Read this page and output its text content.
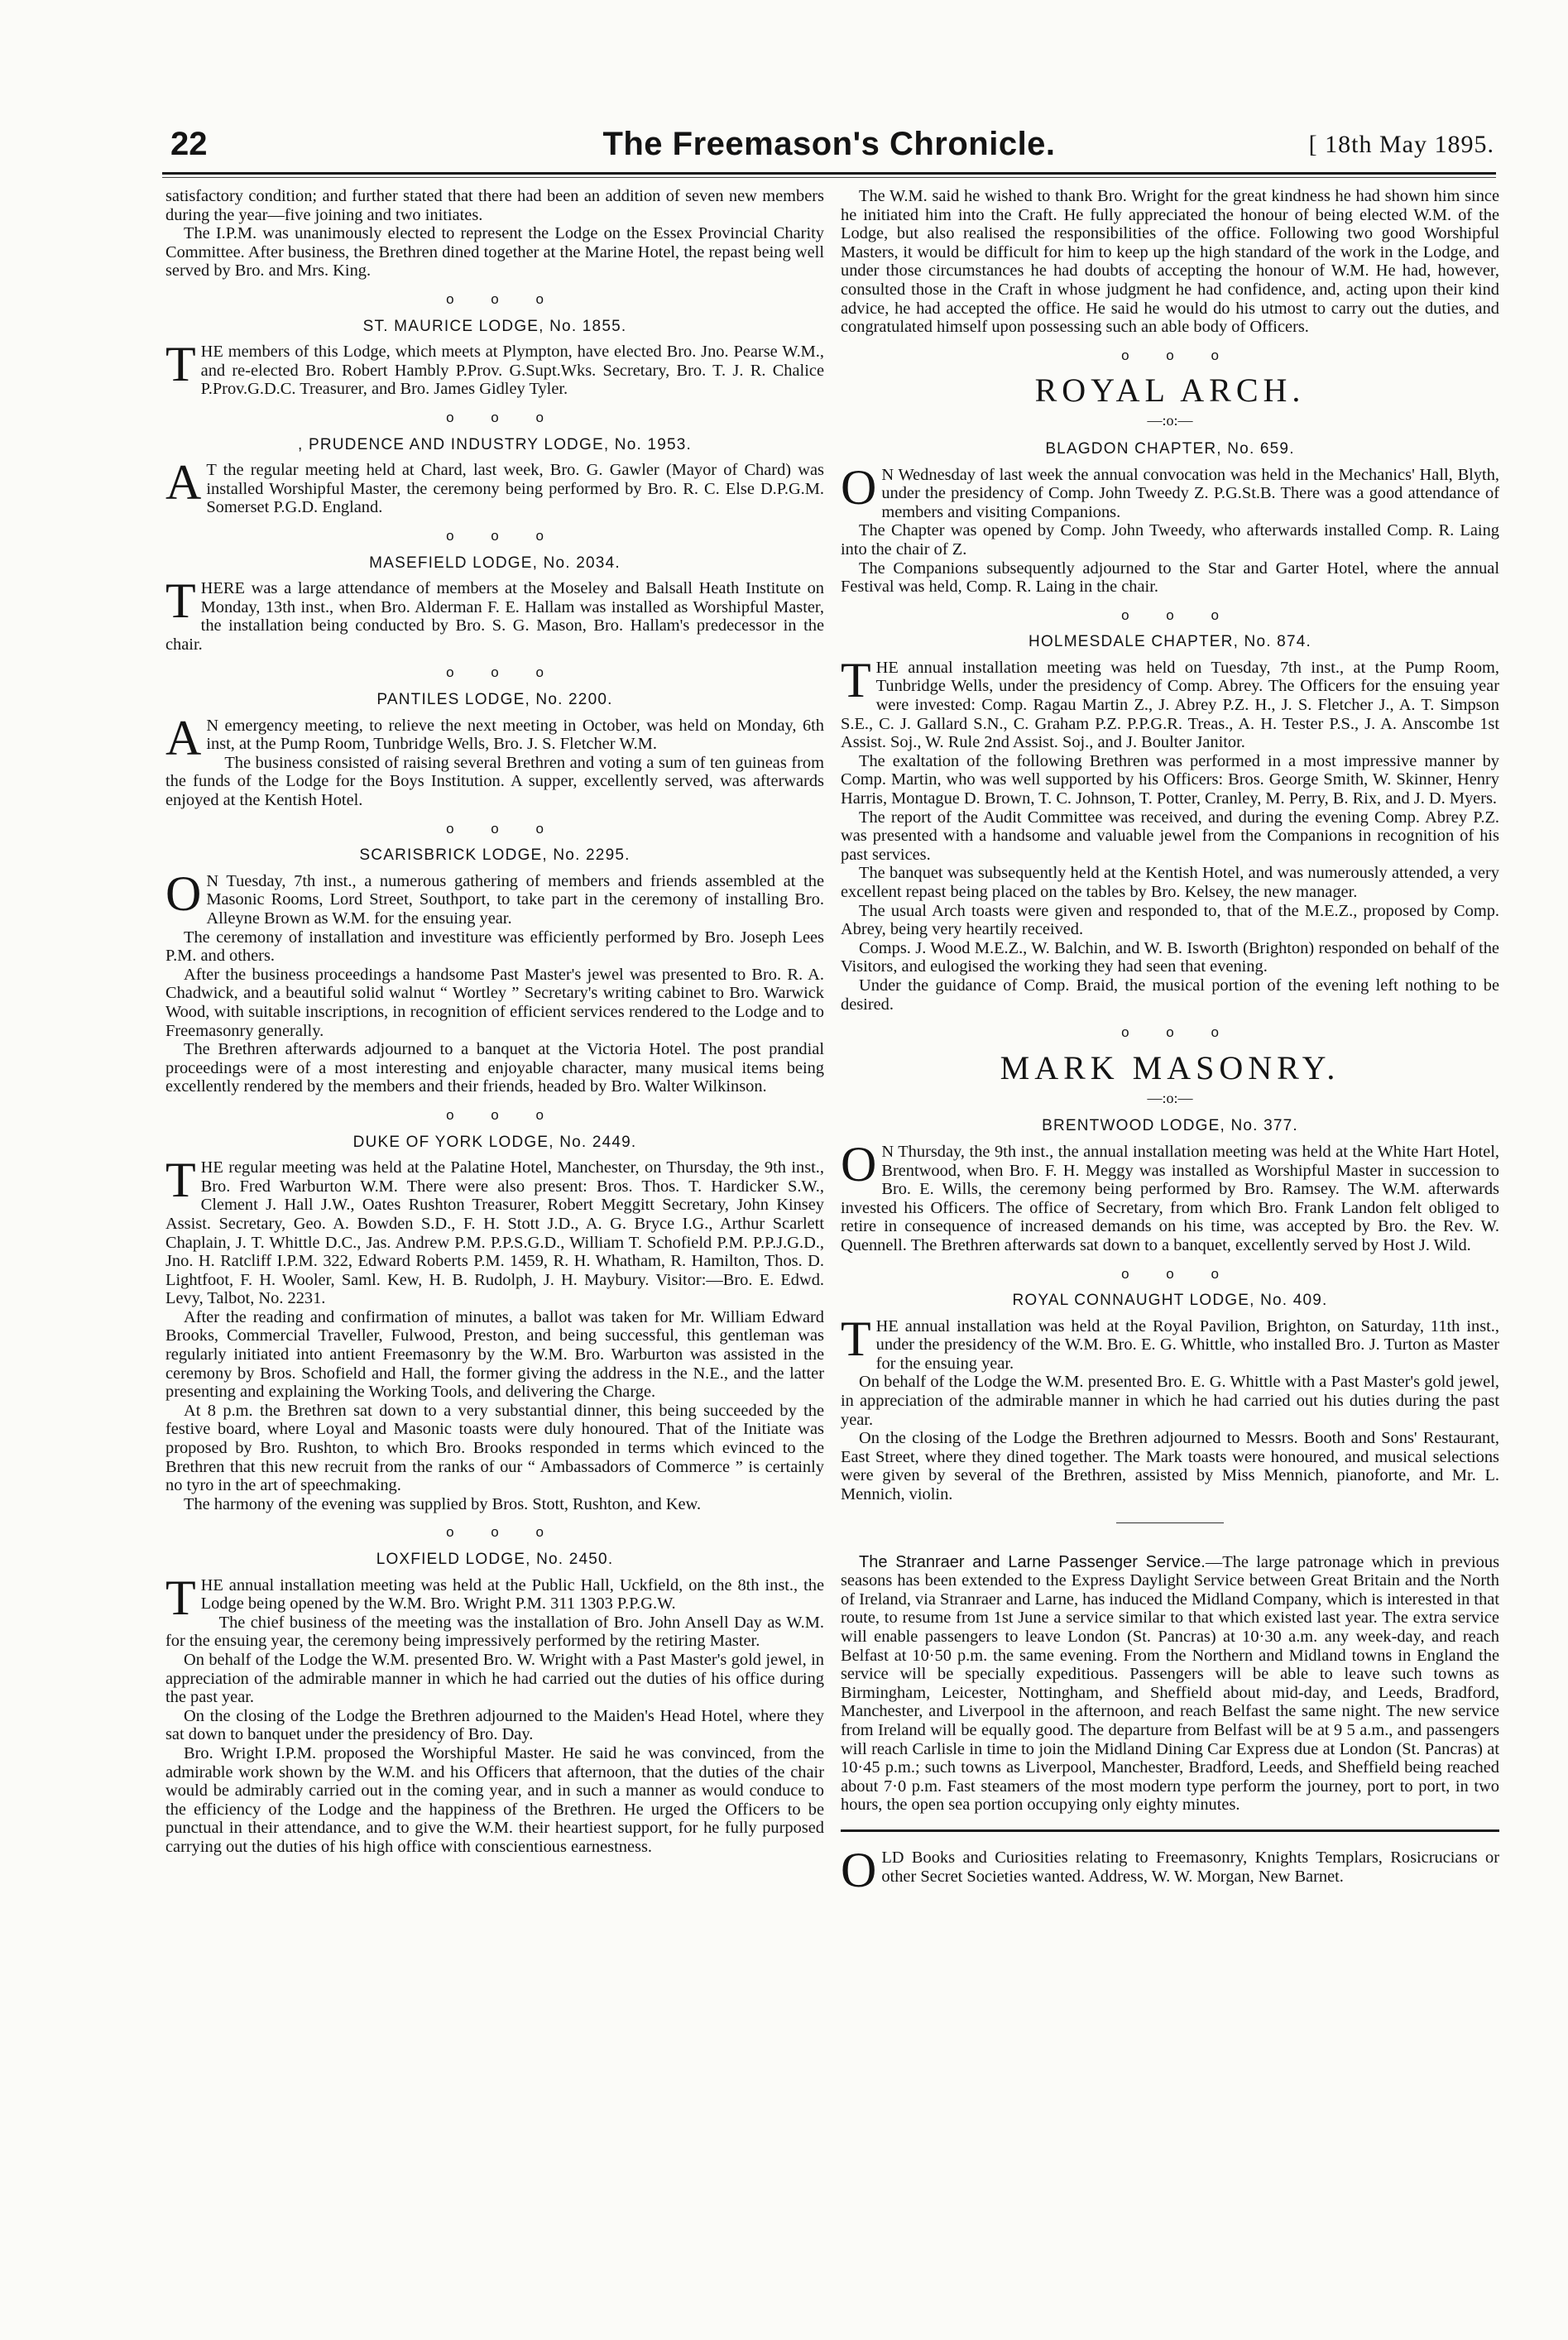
22	The Freemason's Chronicle.	[ 18th May 1895.

satisfactory condition; and further stated that there had been an addition of seven new members during the year—five joining and two initiates.

The I.P.M. was unanimously elected to represent the Lodge on the Essex Provincial Charity Committee. After business, the Brethren dined together at the Marine Hotel, the repast being well served by Bro. and Mrs. King.

o o o
ST. MAURICE LODGE, No. 1855.

THE members of this Lodge, which meets at Plympton, have elected Bro. Jno. Pearse W.M., and re-elected Bro. Robert Hambly P.Prov. G.Supt.Wks. Secretary, Bro. T. J. R. Chalice P.Prov.G.D.C. Treasurer, and Bro. James Gidley Tyler.

o o o
, PRUDENCE AND INDUSTRY LODGE, No. 1953.

AT the regular meeting held at Chard, last week, Bro. G. Gawler (Mayor of Chard) was installed Worshipful Master, the ceremony being performed by Bro. R. C. Else D.P.G.M. Somerset P.G.D. England.

o o o
MASEFIELD LODGE, No. 2034.

THERE was a large attendance of members at the Moseley and Balsall Heath Institute on Monday, 13th inst., when Bro. Alderman F. E. Hallam was installed as Worshipful Master, the installation being conducted by Bro. S. G. Mason, Bro. Hallam's predecessor in the chair.

o o o
PANTILES LODGE, No. 2200.

AN emergency meeting, to relieve the next meeting in October, was held on Monday, 6th inst, at the Pump Room, Tunbridge Wells, Bro. J. S. Fletcher W.M.

The business consisted of raising several Brethren and voting a sum of ten guineas from the funds of the Lodge for the Boys Institution. A supper, excellently served, was afterwards enjoyed at the Kentish Hotel.

o o o
SCARISBRICK LODGE, No. 2295.

ON Tuesday, 7th inst., a numerous gathering of members and friends assembled at the Masonic Rooms, Lord Street, Southport, to take part in the ceremony of installing Bro. Alleyne Brown as W.M. for the ensuing year.

The ceremony of installation and investiture was efficiently performed by Bro. Joseph Lees P.M. and others.

After the business proceedings a handsome Past Master's jewel was presented to Bro. R. A. Chadwick, and a beautiful solid walnut “ Wortley ” Secretary's writing cabinet to Bro. Warwick Wood, with suitable inscriptions, in recognition of efficient services rendered to the Lodge and to Freemasonry generally.

The Brethren afterwards adjourned to a banquet at the Victoria Hotel. The post prandial proceedings were of a most interesting and enjoyable character, many musical items being excellently rendered by the members and their friends, headed by Bro. Walter Wilkinson.

o o o
DUKE OF YORK LODGE, No. 2449.

THE regular meeting was held at the Palatine Hotel, Manchester, on Thursday, the 9th inst., Bro. Fred Warburton W.M. There were also present: Bros. Thos. T. Hardicker S.W., Clement J. Hall J.W., Oates Rushton Treasurer, Robert Meggitt Secretary, John Kinsey Assist. Secretary, Geo. A. Bowden S.D., F. H. Stott J.D., A. G. Bryce I.G., Arthur Scarlett Chaplain, J. T. Whittle D.C., Jas. Andrew P.M. P.P.S.G.D., William T. Schofield P.M. P.P.J.G.D., Jno. H. Ratcliff I.P.M. 322, Edward Roberts P.M. 1459, R. H. Whatham, R. Hamilton, Thos. D. Lightfoot, F. H. Wooler, Saml. Kew, H. B. Rudolph, J. H. Maybury. Visitor:—Bro. E. Edwd. Levy, Talbot, No. 2231.

After the reading and confirmation of minutes, a ballot was taken for Mr. William Edward Brooks, Commercial Traveller, Fulwood, Preston, and being successful, this gentleman was regularly initiated into antient Freemasonry by the W.M. Bro. Warburton was assisted in the ceremony by Bros. Schofield and Hall, the former giving the address in the N.E., and the latter presenting and explaining the Working Tools, and delivering the Charge.

At 8 p.m. the Brethren sat down to a very substantial dinner, this being succeeded by the festive board, where Loyal and Masonic toasts were duly honoured. That of the Initiate was proposed by Bro. Rushton, to which Bro. Brooks responded in terms which evinced to the Brethren that this new recruit from the ranks of our “ Ambassadors of Commerce ” is certainly no tyro in the art of speechmaking.

The harmony of the evening was supplied by Bros. Stott, Rushton, and Kew.

o o o
LOXFIELD LODGE, No. 2450.

THE annual installation meeting was held at the Public Hall, Uckfield, on the 8th inst., the Lodge being opened by the W.M. Bro. Wright P.M. 311 1303 P.P.G.W.

The chief business of the meeting was the installation of Bro. John Ansell Day as W.M. for the ensuing year, the ceremony being impressively performed by the retiring Master.

On behalf of the Lodge the W.M. presented Bro. W. Wright with a Past Master's gold jewel, in appreciation of the admirable manner in which he had carried out the duties of his office during the past year.

On the closing of the Lodge the Brethren adjourned to the Maiden's Head Hotel, where they sat down to banquet under the presidency of Bro. Day.

Bro. Wright I.P.M. proposed the Worshipful Master. He said he was convinced, from the admirable work shown by the W.M. and his Officers that afternoon, that the duties of the chair would be admirably carried out in the coming year, and in such a manner as would conduce to the efficiency of the Lodge and the happiness of the Brethren. He urged the Officers to be punctual in their attendance, and to give the W.M. their heartiest support, for he fully purposed carrying out the duties of his high office with conscientious earnestness.

The W.M. said he wished to thank Bro. Wright for the great kindness he had shown him since he initiated him into the Craft. He fully appreciated the honour of being elected W.M. of the Lodge, but also realised the responsibilities of the office. Following two good Worshipful Masters, it would be difficult for him to keep up the high standard of the work in the Lodge, and under those circumstances he had doubts of accepting the honour of W.M. He had, however, consulted those in the Craft in whose judgment he had confidence, and, acting upon their kind advice, he had accepted the office. He said he would do his utmost to carry out the duties, and congratulated himself upon possessing such an able body of Officers.

o o o
ROYAL ARCH.
—:o:—
BLAGDON CHAPTER, No. 659.

ON Wednesday of last week the annual convocation was held in the Mechanics' Hall, Blyth, under the presidency of Comp. John Tweedy Z. P.G.St.B. There was a good attendance of members and visiting Companions.

The Chapter was opened by Comp. John Tweedy, who afterwards installed Comp. R. Laing into the chair of Z.

The Companions subsequently adjourned to the Star and Garter Hotel, where the annual Festival was held, Comp. R. Laing in the chair.

o o o
HOLMESDALE CHAPTER, No. 874.

THE annual installation meeting was held on Tuesday, 7th inst., at the Pump Room, Tunbridge Wells, under the presidency of Comp. Abrey. The Officers for the ensuing year were invested: Comp. Ragau Martin Z., J. Abrey P.Z. H., J. S. Fletcher J., A. T. Simpson S.E., C. J. Gallard S.N., C. Graham P.Z. P.P.G.R. Treas., A. H. Tester P.S., J. A. Anscombe 1st Assist. Soj., W. Rule 2nd Assist. Soj., and J. Boulter Janitor.

The exaltation of the following Brethren was performed in a most impressive manner by Comp. Martin, who was well supported by his Officers: Bros. George Smith, W. Skinner, Henry Harris, Montague D. Brown, T. C. Johnson, T. Potter, Cranley, M. Perry, B. Rix, and J. D. Myers.

The report of the Audit Committee was received, and during the evening Comp. Abrey P.Z. was presented with a handsome and valuable jewel from the Companions in recognition of his past services.

The banquet was subsequently held at the Kentish Hotel, and was numerously attended, a very excellent repast being placed on the tables by Bro. Kelsey, the new manager.

The usual Arch toasts were given and responded to, that of the M.E.Z., proposed by Comp. Abrey, being very heartily received.

Comps. J. Wood M.E.Z., W. Balchin, and W. B. Isworth (Brighton) responded on behalf of the Visitors, and eulogised the working they had seen that evening.

Under the guidance of Comp. Braid, the musical portion of the evening left nothing to be desired.

o o o
MARK MASONRY.
—:o:—
BRENTWOOD LODGE, No. 377.

ON Thursday, the 9th inst., the annual installation meeting was held at the White Hart Hotel, Brentwood, when Bro. F. H. Meggy was installed as Worshipful Master in succession to Bro. E. Wills, the ceremony being performed by Bro. Ramsey. The W.M. afterwards invested his Officers. The office of Secretary, from which Bro. Frank Landon felt obliged to retire in consequence of increased demands on his time, was accepted by Bro. the Rev. W. Quennell. The Brethren afterwards sat down to a banquet, excellently served by Host J. Wild.

o o o
ROYAL CONNAUGHT LODGE, No. 409.

THE annual installation was held at the Royal Pavilion, Brighton, on Saturday, 11th inst., under the presidency of the W.M. Bro. E. G. Whittle, who installed Bro. J. Turton as Master for the ensuing year.

On behalf of the Lodge the W.M. presented Bro. E. G. Whittle with a Past Master's gold jewel, in appreciation of the admirable manner in which he had carried out his duties during the past year.

On the closing of the Lodge the Brethren adjourned to Messrs. Booth and Sons' Restaurant, East Street, where they dined together. The Mark toasts were honoured, and musical selections were given by several of the Brethren, assisted by Miss Mennich, pianoforte, and Mr. L. Mennich, violin.

The Stranraer and Larne Passenger Service.—The large patronage which in previous seasons has been extended to the Express Daylight Service between Great Britain and the North of Ireland, via Stranraer and Larne, has induced the Midland Company, which is interested in that route, to resume from 1st June a service similar to that which existed last year. The extra service will enable passengers to leave London (St. Pancras) at 10·30 a.m. any week-day, and reach Belfast at 10·50 p.m. the same evening. From the Northern and Midland towns in England the service will be specially expeditious. Passengers will be able to leave such towns as Birmingham, Leicester, Nottingham, and Sheffield about mid-day, and Leeds, Bradford, Manchester, and Liverpool in the afternoon, and reach Belfast the same night. The new service from Ireland will be equally good. The departure from Belfast will be at 9 5 a.m., and passengers will reach Carlisle in time to join the Midland Dining Car Express due at London (St. Pancras) at 10·45 p.m.; such towns as Liverpool, Manchester, Bradford, Leeds, and Sheffield being reached about 7·0 p.m. Fast steamers of the most modern type perform the journey, port to port, in two hours, the open sea portion occupying only eighty minutes.

OLD Books and Curiosities relating to Freemasonry, Knights Templars, Rosicrucians or other Secret Societies wanted. Address, W. W. Morgan, New Barnet.
